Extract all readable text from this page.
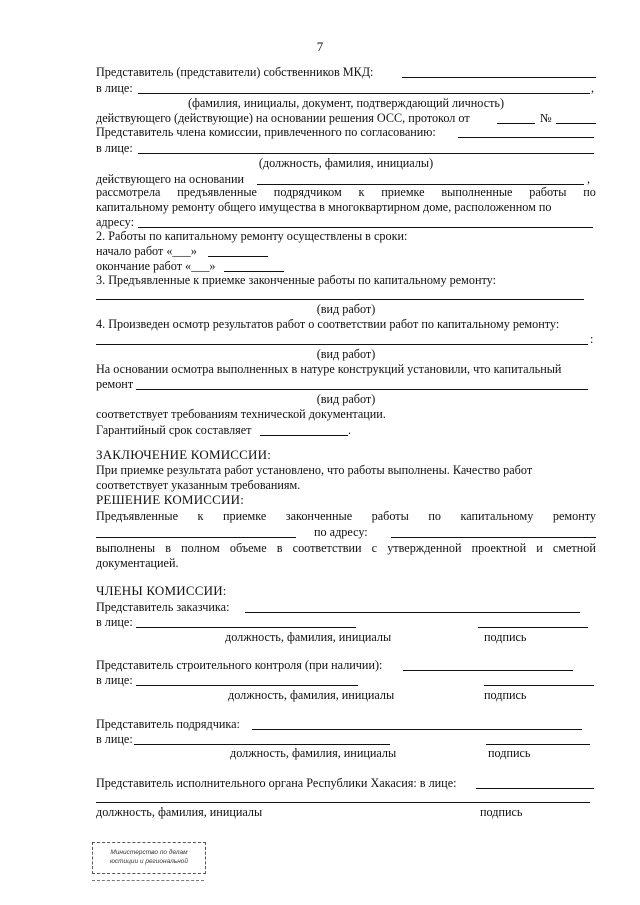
7
Представитель (представители) собственников МКД:
в лице:	,
(фамилия, инициалы, документ, подтверждающий личность)
действующего (действующие) на основании решения ОСС, протокол от	№
Представитель члена комиссии, привлеченного по согласованию:
в лице:
(должность, фамилия, инициалы)
действующего на основании	,
рассмотрела предъявленные подрядчиком к приемке выполненные работы по
капитальному ремонту общего имущества в многоквартирном доме, расположенном по
адресу:
2. Работы по капитальному ремонту осуществлены в сроки:
начало работ «___»
окончание работ «___»
3. Предъявленные к приемке законченные работы по капитальному ремонту:
(вид работ)
4. Произведен осмотр результатов работ о соответствии работ по капитальному ремонту:
:
(вид работ)
На основании осмотра выполненных в натуре конструкций установили, что капитальный
ремонт
(вид работ)
соответствует требованиям технической документации.
Гарантийный срок составляет	.
ЗАКЛЮЧЕНИЕ КОМИССИИ:
При приемке результата работ установлено, что работы выполнены. Качество работ
соответствует указанным требованиям.
РЕШЕНИЕ КОМИССИИ:
Предъявленные к приемке законченные работы по капитальному ремонту
по адресу:
выполнены в полном объеме в соответствии с утвержденной проектной и сметной
документацией.
ЧЛЕНЫ КОМИССИИ:
Представитель заказчика:
в лице:
должность, фамилия, инициалы	подпись
Представитель строительного контроля (при наличии):
в лице:
должность, фамилия, инициалы	подпись
Представитель подрядчика:
в лице:
должность, фамилия, инициалы	подпись
Представитель исполнительного органа Республики Хакасия: в лице:
должность, фамилия, инициалы	подпись
Министерство по делам
юстиции и региональной
